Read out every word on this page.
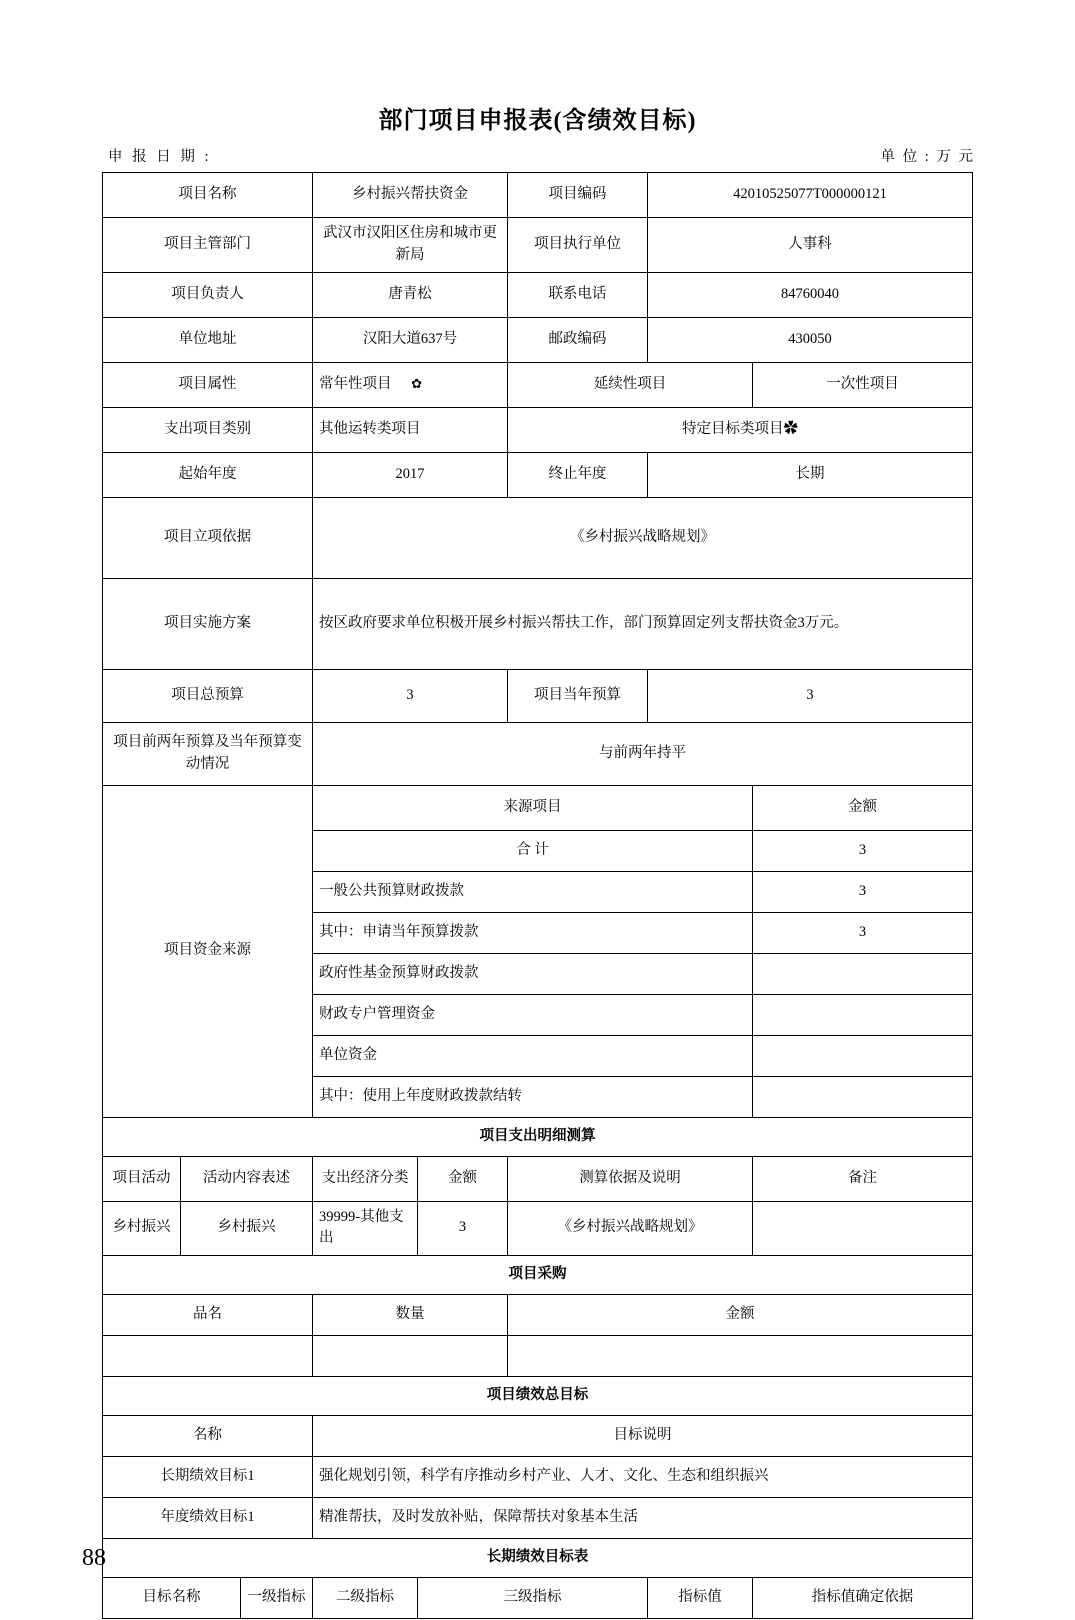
部门项目申报表(含绩效目标)
申 报 日 期 :	单 位 : 万 元
项目名称			乡村振兴帮扶资金		项目编码	42010525077T000000121	
项目主管部门			武汉市汉阳区住房和城市更新局		项目执行单位	人事科	
项目负责人			唐青松		联系电话	84760040	
单位地址			汉阳大道637号		邮政编码	430050	
项目属性			常年性项目 ✿		延续性项目		一次性项目
支出项目类别			其他运转类项目		特定目标类项目✿		
起始年度			2017		终止年度	长期	
项目立项依据			《乡村振兴战略规划》				
项目实施方案			按区政府要求单位积极开展乡村振兴帮扶工作，部门预算固定列支帮扶资金3万元。				
项目总预算			3		项目当年预算	3	
项目前两年预算及当年预算变动情况			与前两年持平				
项目资金来源			来源项目				金额
			合 计				3
			一般公共预算财政拨款				3
			其中：申请当年预算拨款				3
			政府性基金预算财政拨款				
			财政专户管理资金				
			单位资金				
			其中：使用上年度财政拨款结转				
项目支出明细测算							
项目活动	活动内容表述		支出经济分类	金额	测算依据及说明		备注
乡村振兴	乡村振兴		39999-其他支出	3	《乡村振兴战略规划》		
项目采购							
品名			数量		金额		

项目绩效总目标							
名称			目标说明				
长期绩效目标1			强化规划引领，科学有序推动乡村产业、人才、文化、生态和组织振兴				
年度绩效目标1			精准帮扶，及时发放补贴，保障帮扶对象基本生活				
长期绩效目标表							
目标名称		一级指标	二级指标	三级指标		指标值	指标值确定依据
88
